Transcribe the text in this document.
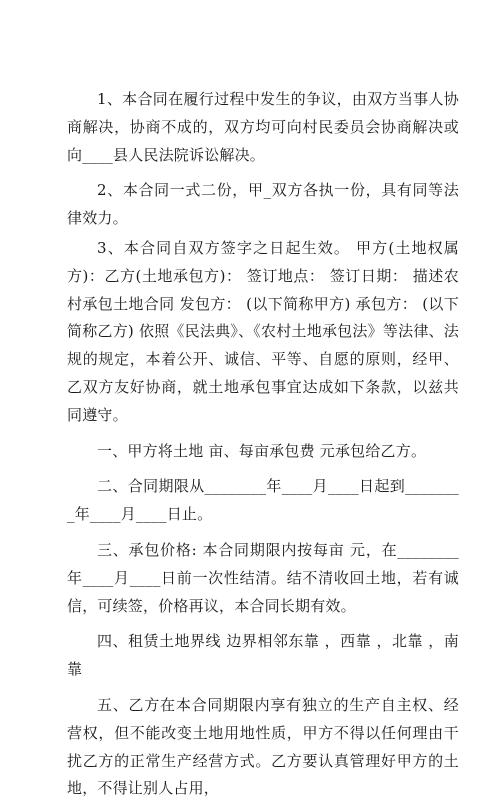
1、本合同在履行过程中发生的争议，由双方当事人协商解决，协商不成的，双方均可向村民委员会协商解决或向____县人民法院诉讼解决。

2、本合同一式二份，甲_双方各执一份，具有同等法律效力。

3、本合同自双方签字之日起生效。 甲方(土地权属方)：乙方(土地承包方)： 签订地点： 签订日期： 描述农村承包土地合同 发包方： (以下简称甲方) 承包方： (以下简称乙方) 依照《民法典》、《农村土地承包法》等法律、法规的规定，本着公开、诚信、平等、自愿的原则，经甲、乙双方友好协商，就土地承包事宜达成如下条款，以兹共同遵守。

一、甲方将土地 亩、每亩承包费 元承包给乙方。

二、合同期限从________年____月____日起到________年____月____日止。

三、承包价格: 本合同期限内按每亩 元，在________年____月____日前一次性结清。结不清收回土地，若有诚信，可续签，价格再议，本合同长期有效。

四、租赁土地界线 边界相邻东靠 ，西靠 ，北靠 ，南靠

五、乙方在本合同期限内享有独立的生产自主权、经营权，但不能改变土地用地性质，甲方不得以任何理由干扰乙方的正常生产经营方式。乙方要认真管理好甲方的土地，不得让别人占用，
